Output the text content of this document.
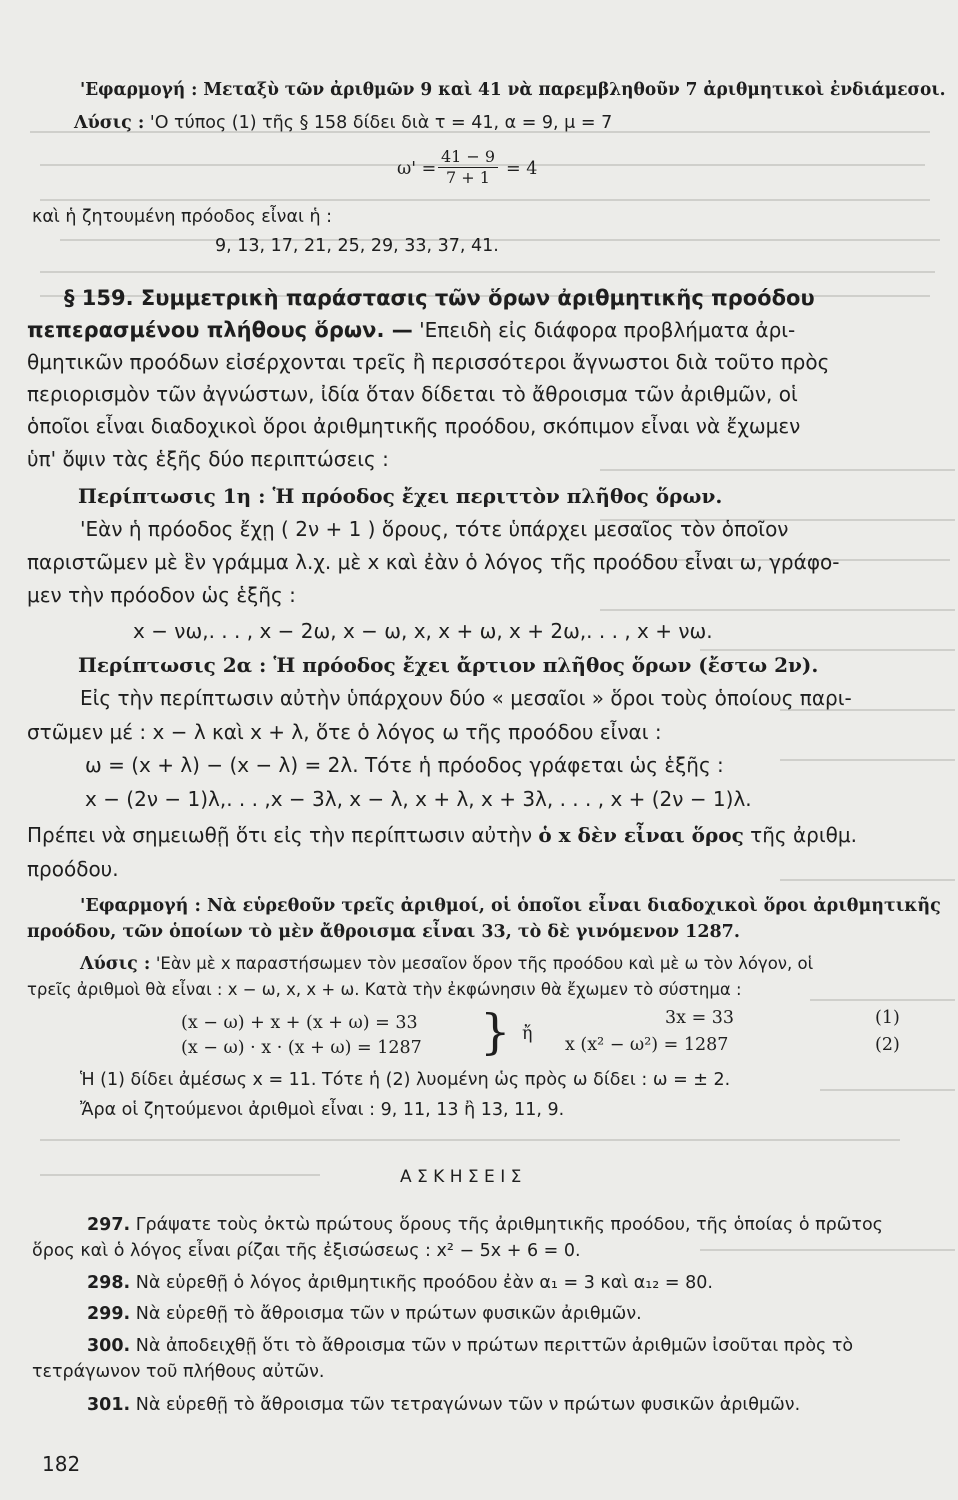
'Εφαρμογή : Μεταξὺ τῶν ἀριθμῶν 9 καὶ 41 νὰ παρεμβληθοῦν 7 ἀριθμητικοὶ ἐνδιάμεσοι.
Λύσις : 'Ο τύπος (1) τῆς § 158 δίδει διὰ τ = 41, α = 9, μ = 7
ω' =
41 − 9
7 + 1 = 4
καὶ ἡ ζητουμένη πρόοδος εἶναι ἡ :
9, 13, 17, 21, 25, 29, 33, 37, 41.
§ 159. Συμμετρικὴ παράστασις τῶν ὅρων ἀριθμητικῆς προόδου
πεπερασμένου πλήθους ὅρων. — 'Επειδὴ εἰς διάφορα προβλήματα ἀρι-
θμητικῶν προόδων εἰσέρχονται τρεῖς ἢ περισσότεροι ἄγνωστοι διὰ τοῦτο πρὸς
περιορισμὸν τῶν ἀγνώστων, ἰδία ὅταν δίδεται τὸ ἄθροισμα τῶν ἀριθμῶν, οἱ
ὁποῖοι εἶναι διαδοχικοὶ ὅροι ἀριθμητικῆς προόδου, σκόπιμον εἶναι νὰ ἔχωμεν
ὑπ' ὄψιν τὰς ἑξῆς δύο περιπτώσεις :
Περίπτωσις 1η : Ἡ πρόοδος ἔχει περιττὸν πλῆθος ὅρων.
'Εὰν ἡ πρόοδος ἔχῃ ( 2ν + 1 ) ὅρους, τότε ὑπάρχει μεσαῖος τὸν ὁποῖον
παριστῶμεν μὲ ἓν γράμμα λ.χ. μὲ x καὶ ἐὰν ὁ λόγος τῆς προόδου εἶναι ω, γράφο-
μεν τὴν πρόοδον ὡς ἑξῆς :
x − νω,. . . , x − 2ω, x − ω, x, x + ω, x + 2ω,. . . , x + νω.
Περίπτωσις 2α : Ἡ πρόοδος ἔχει ἄρτιον πλῆθος ὅρων (ἔστω 2ν).
Εἰς τὴν περίπτωσιν αὐτὴν ὑπάρχουν δύο « μεσαῖοι » ὅροι τοὺς ὁποίους παρι-
στῶμεν μέ : x − λ καὶ x + λ, ὅτε ὁ λόγος ω τῆς προόδου εἶναι :
ω = (x + λ) − (x − λ) = 2λ. Τότε ἡ πρόοδος γράφεται ὡς ἑξῆς :
x − (2ν − 1)λ,. . . ,x − 3λ, x − λ, x + λ, x + 3λ, . . . , x + (2ν − 1)λ.
Πρέπει νὰ σημειωθῇ ὅτι εἰς τὴν περίπτωσιν αὐτὴν ὁ x δὲν εἶναι ὅρος τῆς ἀριθμ.
προόδου.
'Εφαρμογή : Νὰ εὑρεθοῦν τρεῖς ἀριθμοί, οἱ ὁποῖοι εἶναι διαδοχικοὶ ὅροι ἀριθμητικῆς
προόδου, τῶν ὁποίων τὸ μὲν ἄθροισμα εἶναι 33, τὸ δὲ γινόμενον 1287.
Λύσις : 'Εὰν μὲ x παραστήσωμεν τὸν μεσαῖον ὅρον τῆς προόδου καὶ μὲ ω τὸν λόγον, οἱ
τρεῖς ἀριθμοὶ θὰ εἶναι : x − ω, x, x + ω. Κατὰ τὴν ἐκφώνησιν θὰ ἔχωμεν τὸ σύστημα :
(x − ω) + x + (x + ω) = 33
(x − ω) · x · (x + ω) = 1287 } ἤ
3x = 33
x (x² − ω²) = 1287
(1)
(2)
Ἡ (1) δίδει ἀμέσως x = 11. Τότε ἡ (2) λυομένη ὡς πρὸς ω δίδει : ω = ± 2.
Ἄρα οἱ ζητούμενοι ἀριθμοὶ εἶναι : 9, 11, 13 ἢ 13, 11, 9.
Α Σ Κ Η Σ Ε Ι Σ
297. Γράψατε τοὺς ὀκτὼ πρώτους ὅρους τῆς ἀριθμητικῆς προόδου, τῆς ὁποίας ὁ πρῶτος
ὅρος καὶ ὁ λόγος εἶναι ρίζαι τῆς ἐξισώσεως : x² − 5x + 6 = 0.
298. Νὰ εὑρεθῇ ὁ λόγος ἀριθμητικῆς προόδου ἐὰν α₁ = 3 καὶ α₁₂ = 80.
299. Νὰ εὑρεθῇ τὸ ἄθροισμα τῶν ν πρώτων φυσικῶν ἀριθμῶν.
300. Νὰ ἀποδειχθῇ ὅτι τὸ ἄθροισμα τῶν ν πρώτων περιττῶν ἀριθμῶν ἰσοῦται πρὸς τὸ
τετράγωνον τοῦ πλήθους αὐτῶν.
301. Νὰ εὑρεθῇ τὸ ἄθροισμα τῶν τετραγώνων τῶν ν πρώτων φυσικῶν ἀριθμῶν.
182
